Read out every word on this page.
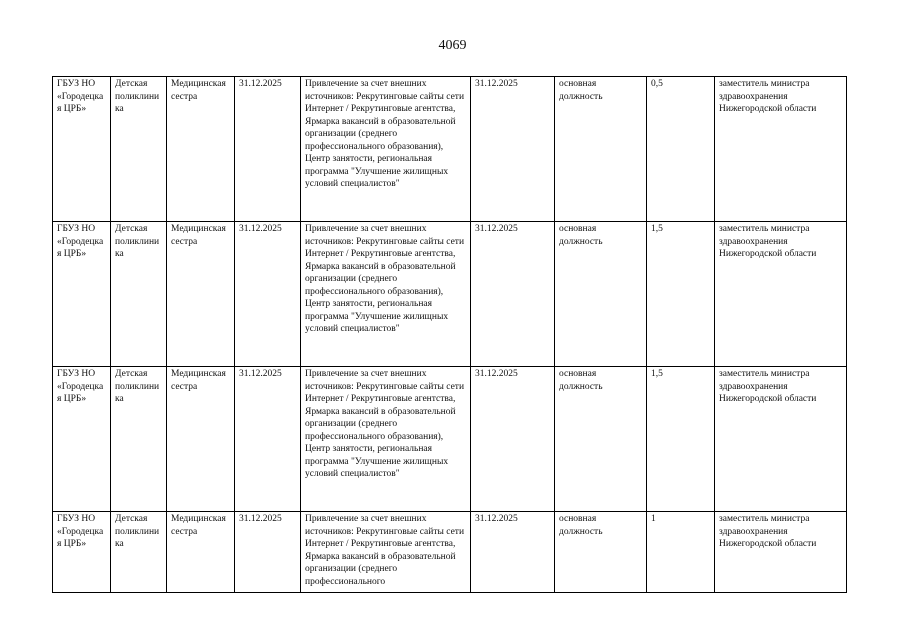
4069
ГБУЗ НО «Городецкая ЦРБ»	Детская поликлиника	Медицинская сестра	31.12.2025	Привлечение за счет внешних источников: Рекрутинговые сайты сети Интернет / Рекрутинговые агентства, Ярмарка вакансий в образовательной организации (среднего профессионального образования), Центр занятости, региональная программа "Улучшение жилищных условий специалистов"	31.12.2025	основная должность	0,5	заместитель министра здравоохранения Нижегородской области
ГБУЗ НО «Городецкая ЦРБ»	Детская поликлиника	Медицинская сестра	31.12.2025	Привлечение за счет внешних источников: Рекрутинговые сайты сети Интернет / Рекрутинговые агентства, Ярмарка вакансий в образовательной организации (среднего профессионального образования), Центр занятости, региональная программа "Улучшение жилищных условий специалистов"	31.12.2025	основная должность	1,5	заместитель министра здравоохранения Нижегородской области
ГБУЗ НО «Городецкая ЦРБ»	Детская поликлиника	Медицинская сестра	31.12.2025	Привлечение за счет внешних источников: Рекрутинговые сайты сети Интернет / Рекрутинговые агентства, Ярмарка вакансий в образовательной организации (среднего профессионального образования), Центр занятости, региональная программа "Улучшение жилищных условий специалистов"	31.12.2025	основная должность	1,5	заместитель министра здравоохранения Нижегородской области

ГБУЗ НО «Городецкая ЦРБ»	Детская поликлиника	Медицинская сестра	31.12.2025	Привлечение за счет внешних источников: Рекрутинговые сайты сети Интернет / Рекрутинговые агентства, Ярмарка вакансий в образовательной организации (среднего профессионального	31.12.2025	основная должность	1	заместитель министра здравоохранения Нижегородской области
